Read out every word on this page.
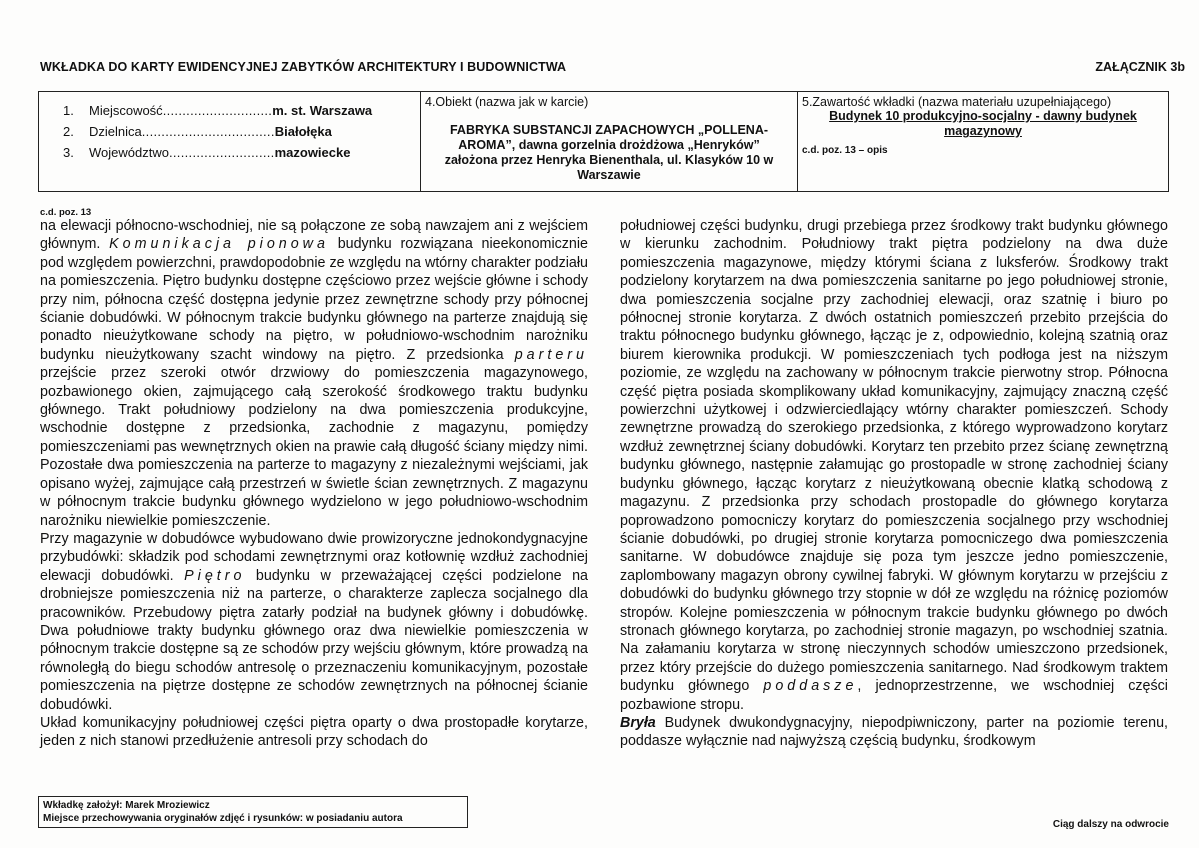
WKŁADKA DO KARTY EWIDENCYJNEJ ZABYTKÓW ARCHITEKTURY I BUDOWNICTWA	ZAŁĄCZNIK 3b
1. Miejscowość............................m. st. Warszawa
2. Dzielnica..................................Białołęka
3. Województwo...........................mazowiecke
4.Obiekt (nazwa jak w karcie)
FABRYKA SUBSTANCJI ZAPACHOWYCH „POLLENA-AROMA”, dawna gorzelnia drożdżowa „Henryków” założona przez Henryka Bienenthala, ul. Klasyków 10 w Warszawie
5.Zawartość wkładki (nazwa materiału uzupełniającego)
Budynek 10 produkcyjno-socjalny - dawny budynek magazynowy
c.d. poz. 13 – opis
c.d. poz. 13

na elewacji północno-wschodniej, nie są połączone ze sobą nawzajem ani z wejściem głównym. Komunikacja pionowa budynku rozwiązana nieekonomicznie pod względem powierzchni, prawdopodobnie ze względu na wtórny charakter podziału na pomieszczenia. Piętro budynku dostępne częściowo przez wejście główne i schody przy nim, północna część dostępna jedynie przez zewnętrzne schody przy północnej ścianie dobudówki. W północnym trakcie budynku głównego na parterze znajdują się ponadto nieużytkowane schody na piętro, w południowo-wschodnim narożniku budynku nieużytkowany szacht windowy na piętro. Z przedsionka parteru przejście przez szeroki otwór drzwiowy do pomieszczenia magazynowego, pozbawionego okien, zajmującego całą szerokość środkowego traktu budynku głównego. Trakt południowy podzielony na dwa pomieszczenia produkcyjne, wschodnie dostępne z przedsionka, zachodnie z magazynu, pomiędzy pomieszczeniami pas wewnętrznych okien na prawie całą długość ściany między nimi. Pozostałe dwa pomieszczenia na parterze to magazyny z niezależnymi wejściami, jak opisano wyżej, zajmujące całą przestrzeń w świetle ścian zewnętrznych. Z magazynu w północnym trakcie budynku głównego wydzielono w jego południowo-wschodnim narożniku niewielkie pomieszczenie.

Przy magazynie w dobudówce wybudowano dwie prowizoryczne jednokondygnacyjne przybudówki: składzik pod schodami zewnętrznymi oraz kotłownię wzdłuż zachodniej elewacji dobudówki. Piętro budynku w przeważającej części podzielone na drobniejsze pomieszczenia niż na parterze, o charakterze zaplecza socjalnego dla pracowników. Przebudowy piętra zatarły podział na budynek główny i dobudówkę. Dwa południowe trakty budynku głównego oraz dwa niewielkie pomieszczenia w północnym trakcie dostępne są ze schodów przy wejściu głównym, które prowadzą na równoległą do biegu schodów antresolę o przeznaczeniu komunikacyjnym, pozostałe pomieszczenia na piętrze dostępne ze schodów zewnętrznych na północnej ścianie dobudówki.

Układ komunikacyjny południowej części piętra oparty o dwa prostopadłe korytarze, jeden z nich stanowi przedłużenie antresoli przy schodach do

południowej części budynku, drugi przebiega przez środkowy trakt budynku głównego w kierunku zachodnim. Południowy trakt piętra podzielony na dwa duże pomieszczenia magazynowe, między którymi ściana z luksferów. Środkowy trakt podzielony korytarzem na dwa pomieszczenia sanitarne po jego południowej stronie, dwa pomieszczenia socjalne przy zachodniej elewacji, oraz szatnię i biuro po północnej stronie korytarza. Z dwóch ostatnich pomieszczeń przebito przejścia do traktu północnego budynku głównego, łącząc je z, odpowiednio, kolejną szatnią oraz biurem kierownika produkcji. W pomieszczeniach tych podłoga jest na niższym poziomie, ze względu na zachowany w północnym trakcie pierwotny strop. Północna część piętra posiada skomplikowany układ komunikacyjny, zajmujący znaczną część powierzchni użytkowej i odzwierciedlający wtórny charakter pomieszczeń. Schody zewnętrzne prowadzą do szerokiego przedsionka, z którego wyprowadzono korytarz wzdłuż zewnętrznej ściany dobudówki. Korytarz ten przebito przez ścianę zewnętrzną budynku głównego, następnie załamując go prostopadle w stronę zachodniej ściany budynku głównego, łącząc korytarz z nieużytkowaną obecnie klatką schodową z magazynu. Z przedsionka przy schodach prostopadle do głównego korytarza poprowadzono pomocniczy korytarz do pomieszczenia socjalnego przy wschodniej ścianie dobudówki, po drugiej stronie korytarza pomocniczego dwa pomieszczenia sanitarne. W dobudówce znajduje się poza tym jeszcze jedno pomieszczenie, zaplombowany magazyn obrony cywilnej fabryki. W głównym korytarzu w przejściu z dobudówki do budynku głównego trzy stopnie w dół ze względu na różnicę poziomów stropów. Kolejne pomieszczenia w północnym trakcie budynku głównego po dwóch stronach głównego korytarza, po zachodniej stronie magazyn, po wschodniej szatnia. Na załamaniu korytarza w stronę nieczynnych schodów umieszczono przedsionek, przez który przejście do dużego pomieszczenia sanitarnego. Nad środkowym traktem budynku głównego poddasze, jednoprzestrzenne, we wschodniej części pozbawione stropu.

Bryła Budynek dwukondygnacyjny, niepodpiwniczony, parter na poziomie terenu, poddasze wyłącznie nad najwyższą częścią budynku, środkowym

Wkładkę założył: Marek Mroziewicz
Miejsce przechowywania oryginałów zdjęć i rysunków: w posiadaniu autora
Ciąg dalszy na odwrocie
